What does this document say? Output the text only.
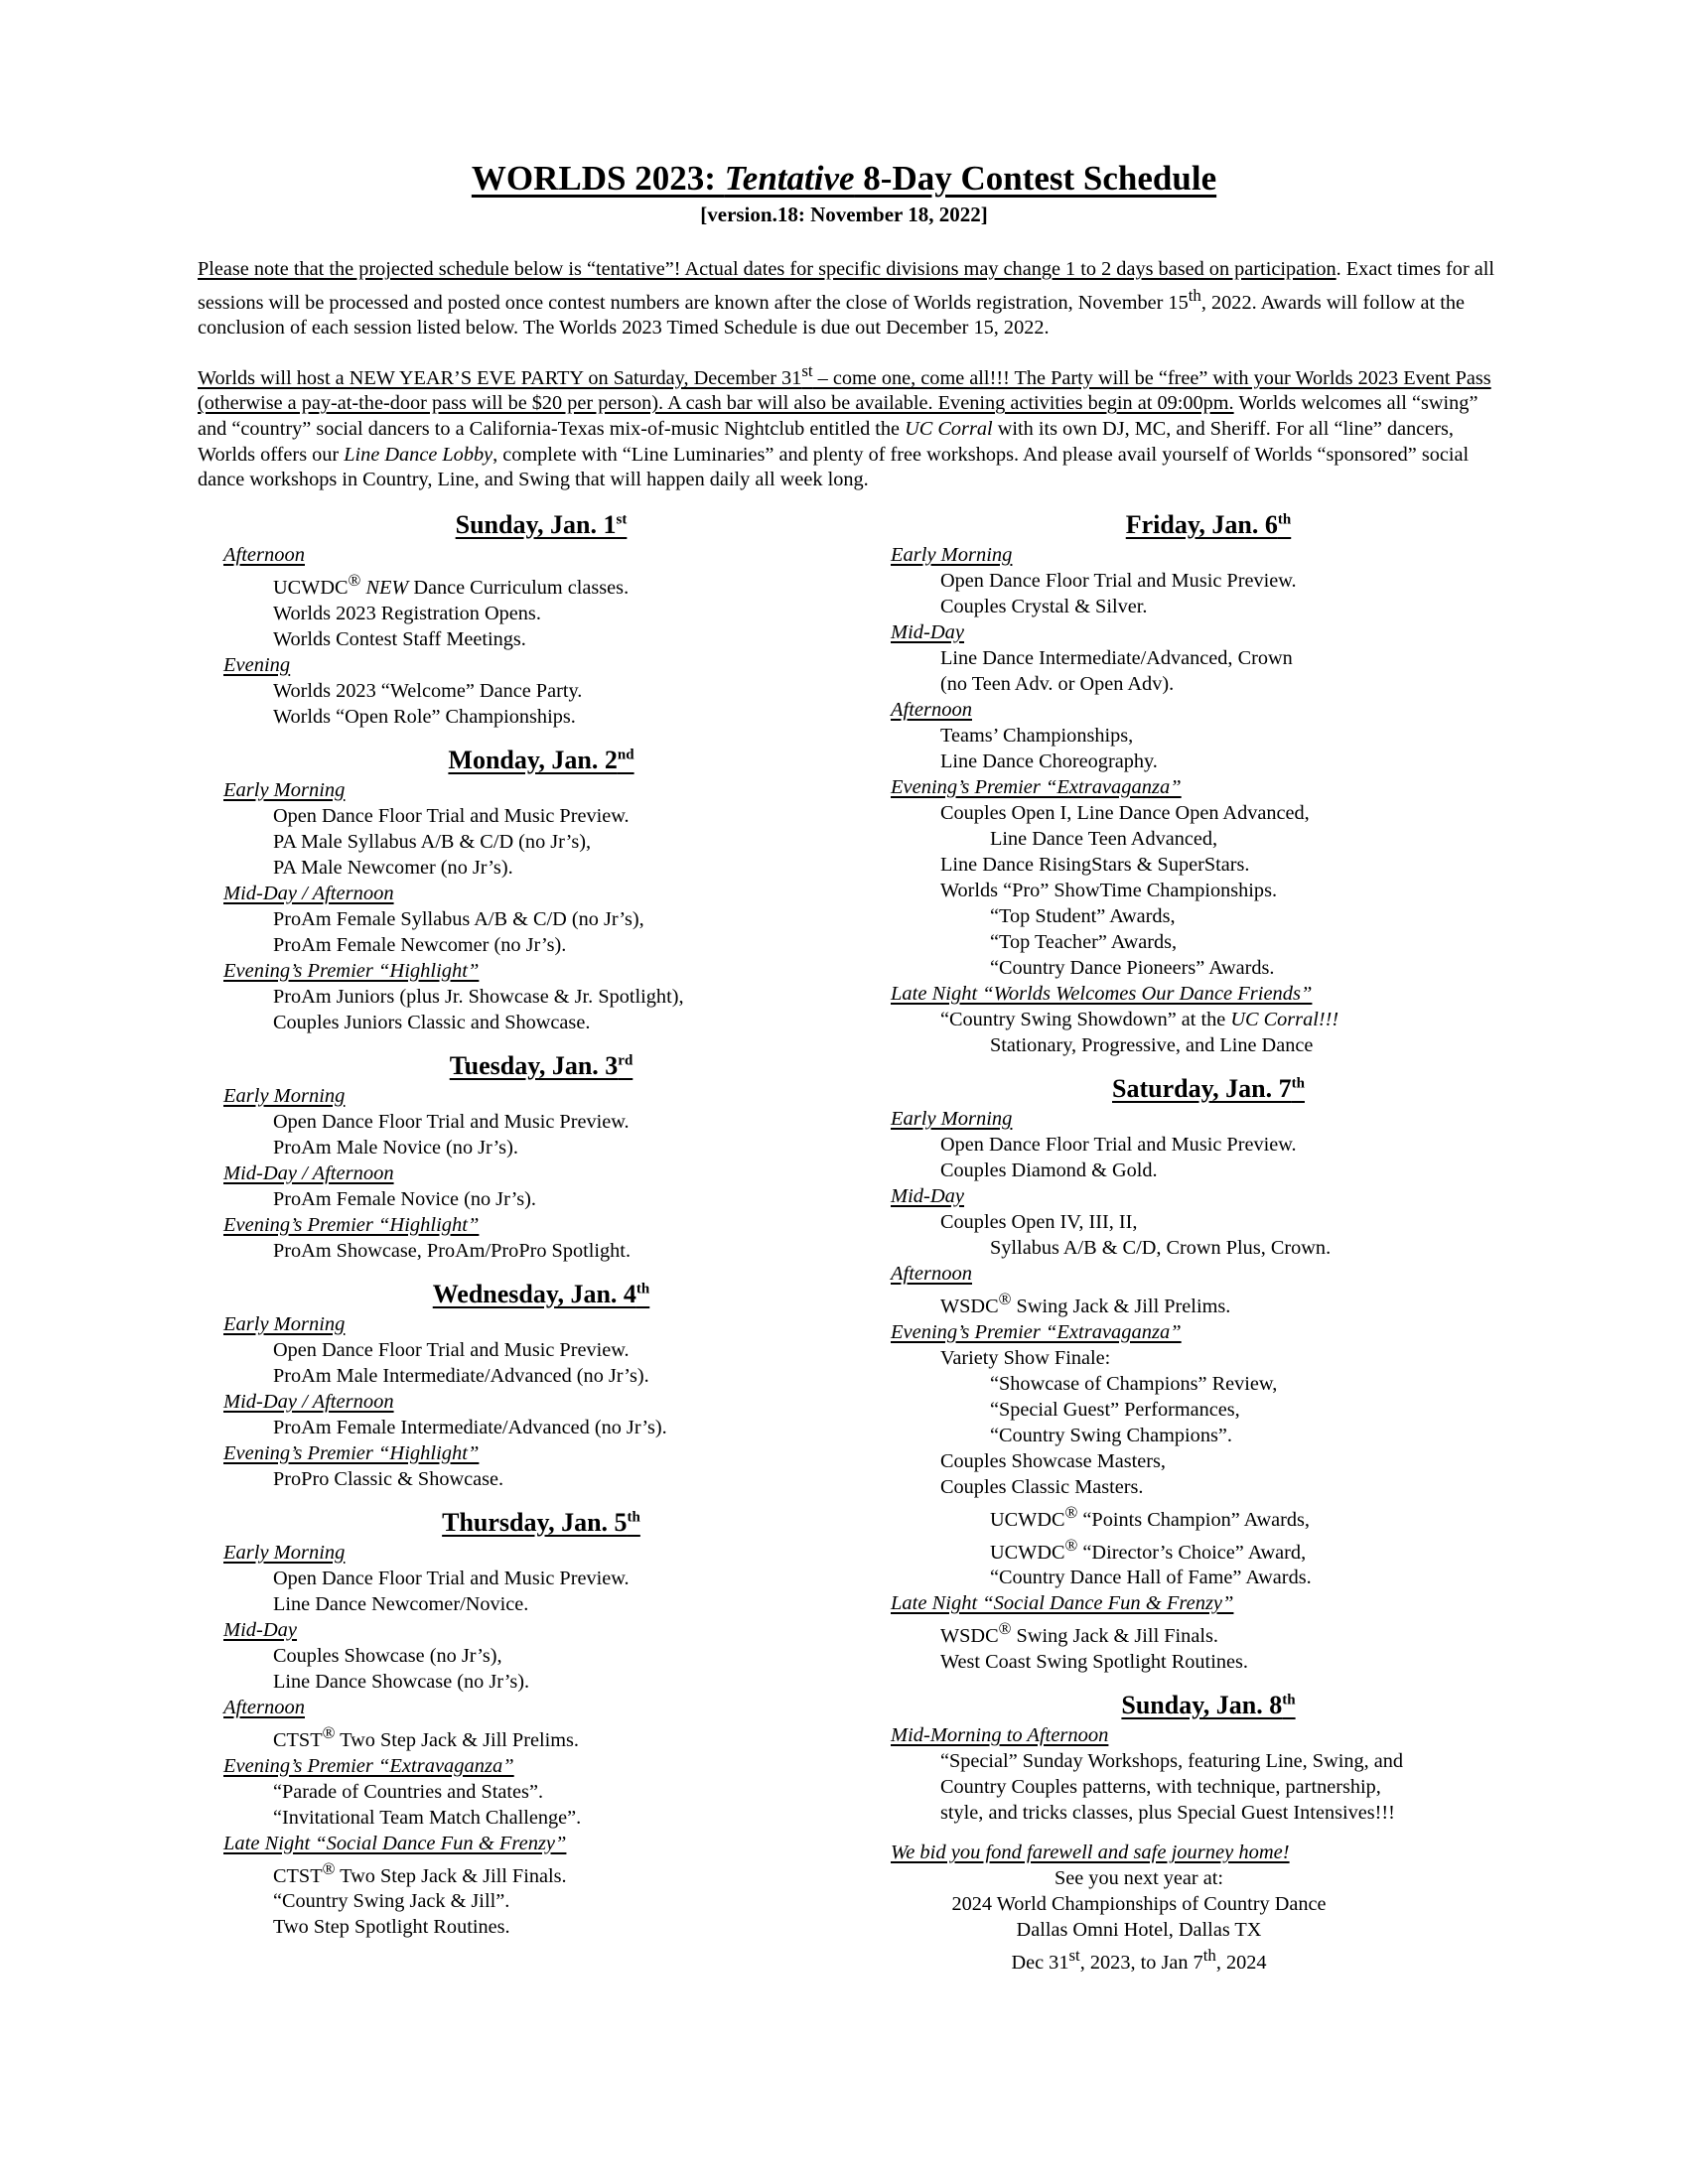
WORLDS 2023: Tentative 8-Day Contest Schedule
[version.18: November 18, 2022]
Please note that the projected schedule below is “tentative”! Actual dates for specific divisions may change 1 to 2 days based on participation. Exact times for all sessions will be processed and posted once contest numbers are known after the close of Worlds registration, November 15th, 2022. Awards will follow at the conclusion of each session listed below. The Worlds 2023 Timed Schedule is due out December 15, 2022.
Worlds will host a NEW YEAR’S EVE PARTY on Saturday, December 31st – come one, come all!!! The Party will be “free” with your Worlds 2023 Event Pass (otherwise a pay-at-the-door pass will be $20 per person). A cash bar will also be available. Evening activities begin at 09:00pm. Worlds welcomes all “swing” and “country” social dancers to a California-Texas mix-of-music Nightclub entitled the UC Corral with its own DJ, MC, and Sheriff. For all “line” dancers, Worlds offers our Line Dance Lobby, complete with “Line Luminaries” and plenty of free workshops. And please avail yourself of Worlds “sponsored” social dance workshops in Country, Line, and Swing that will happen daily all week long.
Sunday, Jan. 1st
Afternoon
UCWDC® NEW Dance Curriculum classes.
Worlds 2023 Registration Opens.
Worlds Contest Staff Meetings.
Evening
Worlds 2023 “Welcome” Dance Party.
Worlds “Open Role” Championships.
Monday, Jan. 2nd
Early Morning
Open Dance Floor Trial and Music Preview.
PA Male Syllabus A/B & C/D (no Jr’s),
PA Male Newcomer (no Jr’s).
Mid-Day / Afternoon
ProAm Female Syllabus A/B & C/D (no Jr’s),
ProAm Female Newcomer (no Jr’s).
Evening’s Premier “Highlight”
ProAm Juniors (plus Jr. Showcase & Jr. Spotlight),
Couples Juniors Classic and Showcase.
Tuesday, Jan. 3rd
Early Morning
Open Dance Floor Trial and Music Preview.
ProAm Male Novice (no Jr’s).
Mid-Day / Afternoon
ProAm Female Novice (no Jr’s).
Evening’s Premier “Highlight”
ProAm Showcase, ProAm/ProPro Spotlight.
Wednesday, Jan. 4th
Early Morning
Open Dance Floor Trial and Music Preview.
ProAm Male Intermediate/Advanced (no Jr’s).
Mid-Day / Afternoon
ProAm Female Intermediate/Advanced (no Jr’s).
Evening’s Premier “Highlight”
ProPro Classic & Showcase.
Thursday, Jan. 5th
Early Morning
Open Dance Floor Trial and Music Preview.
Line Dance Newcomer/Novice.
Mid-Day
Couples Showcase (no Jr’s),
Line Dance Showcase (no Jr’s).
Afternoon
CTST® Two Step Jack & Jill Prelims.
Evening’s Premier “Extravaganza”
“Parade of Countries and States”.
“Invitational Team Match Challenge”.
Late Night “Social Dance Fun & Frenzy”
CTST® Two Step Jack & Jill Finals.
“Country Swing Jack & Jill”.
Two Step Spotlight Routines.
Friday, Jan. 6th
Early Morning
Open Dance Floor Trial and Music Preview.
Couples Crystal & Silver.
Mid-Day
Line Dance Intermediate/Advanced, Crown
(no Teen Adv. or Open Adv).
Afternoon
Teams’ Championships,
Line Dance Choreography.
Evening’s Premier “Extravaganza”
Couples Open I, Line Dance Open Advanced,
Line Dance Teen Advanced,
Line Dance RisingStars & SuperStars.
Worlds “Pro” ShowTime Championships.
“Top Student” Awards,
“Top Teacher” Awards,
“Country Dance Pioneers” Awards.
Late Night “Worlds Welcomes Our Dance Friends”
“Country Swing Showdown” at the UC Corral!!!
Stationary, Progressive, and Line Dance
Saturday, Jan. 7th
Early Morning
Open Dance Floor Trial and Music Preview.
Couples Diamond & Gold.
Mid-Day
Couples Open IV, III, II,
Syllabus A/B & C/D, Crown Plus, Crown.
Afternoon
WSDC® Swing Jack & Jill Prelims.
Evening’s Premier “Extravaganza”
Variety Show Finale:
“Showcase of Champions” Review,
“Special Guest” Performances,
“Country Swing Champions”.
Couples Showcase Masters,
Couples Classic Masters.
UCWDC® “Points Champion” Awards,
UCWDC® “Director’s Choice” Award,
“Country Dance Hall of Fame” Awards.
Late Night “Social Dance Fun & Frenzy”
WSDC® Swing Jack & Jill Finals.
West Coast Swing Spotlight Routines.
Sunday, Jan. 8th
Mid-Morning to Afternoon
“Special” Sunday Workshops, featuring Line, Swing, and
Country Couples patterns, with technique, partnership,
style, and tricks classes, plus Special Guest Intensives!!!
We bid you fond farewell and safe journey home!
See you next year at:
2024 World Championships of Country Dance
Dallas Omni Hotel, Dallas TX
Dec 31st, 2023, to Jan 7th, 2024
